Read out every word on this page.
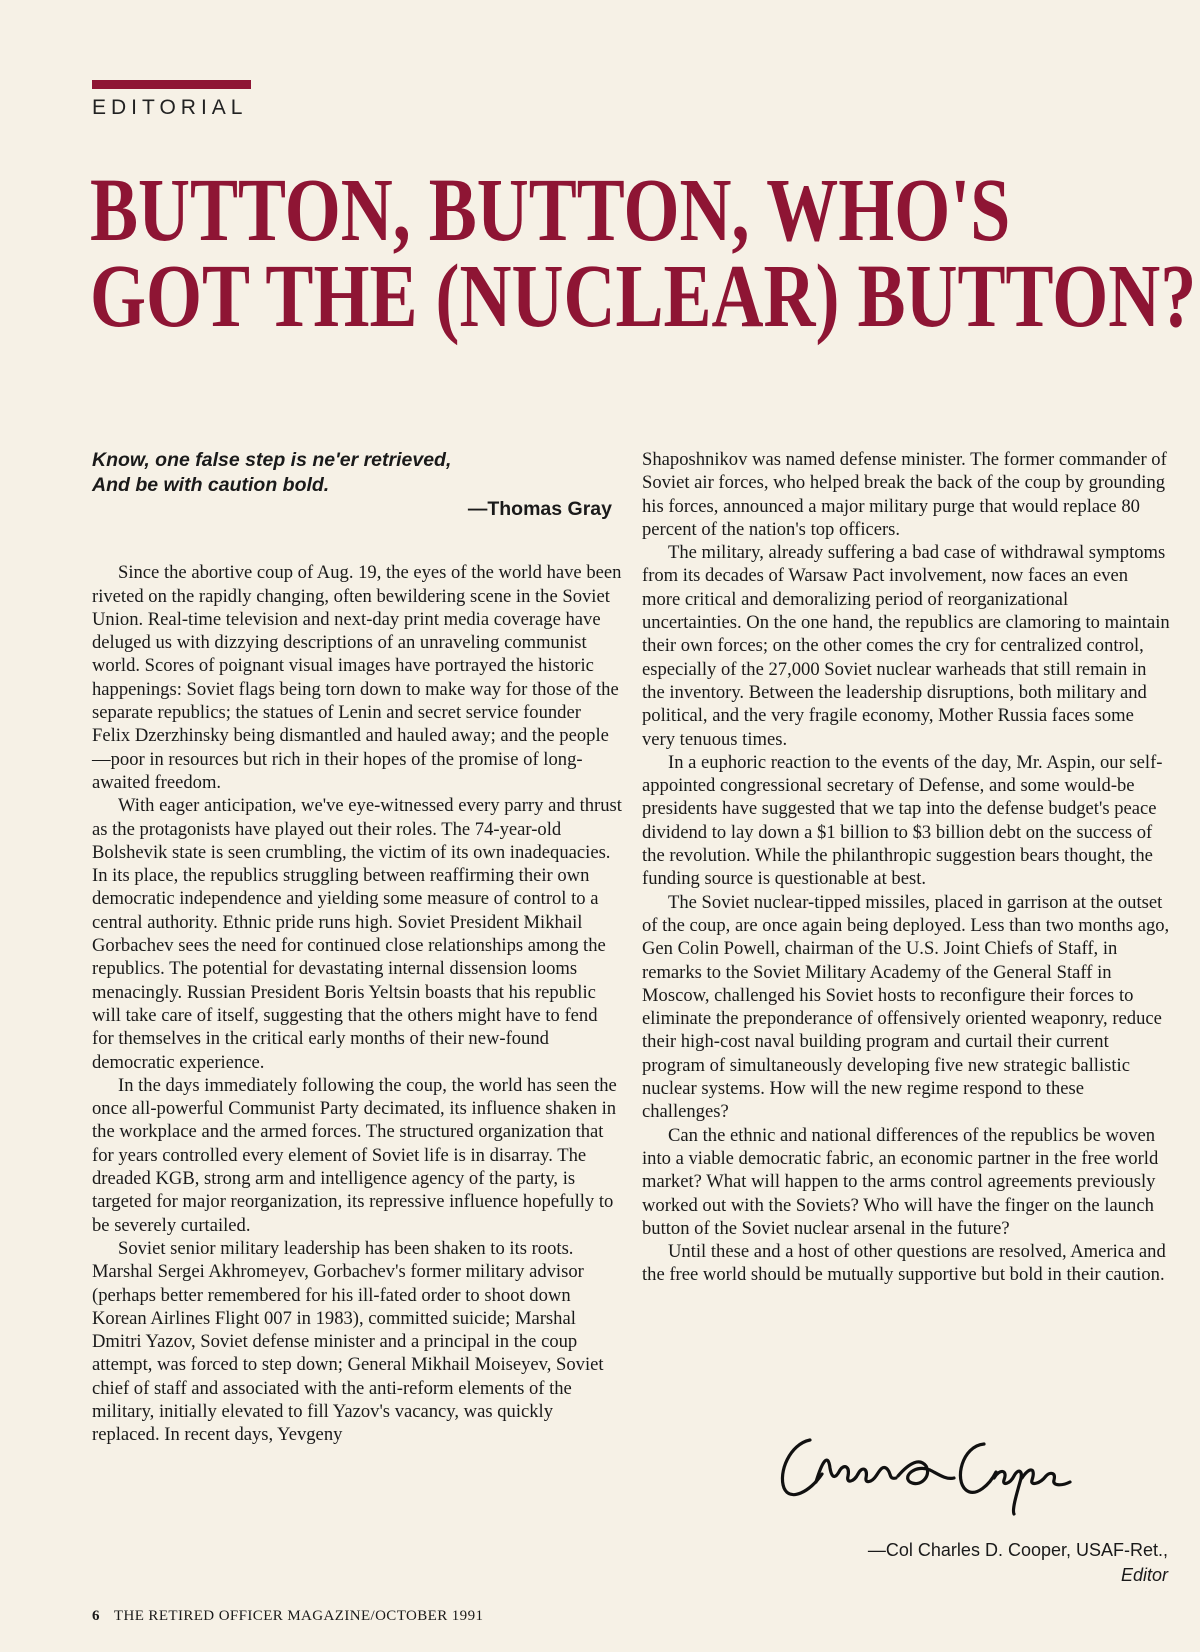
EDITORIAL
BUTTON, BUTTON, WHO'S
GOT THE (NUCLEAR) BUTTON?

Know, one false step is ne'er retrieved,

And be with caution bold.

—Thomas Gray

Since the abortive coup of Aug. 19, the eyes of the world have been riveted on the rapidly changing, often bewildering scene in the Soviet Union. Real-time television and next-day print media coverage have deluged us with dizzying descriptions of an unraveling communist world. Scores of poignant visual images have portrayed the historic happenings: Soviet flags being torn down to make way for those of the separate republics; the statues of Lenin and secret service founder Felix Dzerzhinsky being dismantled and hauled away; and the people—poor in resources but rich in their hopes of the promise of long-awaited freedom.

With eager anticipation, we've eye-witnessed every parry and thrust as the protagonists have played out their roles. The 74-year-old Bolshevik state is seen crumbling, the victim of its own inadequacies. In its place, the republics struggling between reaffirming their own democratic independence and yielding some measure of control to a central authority. Ethnic pride runs high. Soviet President Mikhail Gorbachev sees the need for continued close relationships among the republics. The potential for devastating internal dissension looms menacingly. Russian President Boris Yeltsin boasts that his republic will take care of itself, suggesting that the others might have to fend for themselves in the critical early months of their new-found democratic experience.

In the days immediately following the coup, the world has seen the once all-powerful Communist Party decimated, its influence shaken in the workplace and the armed forces. The structured organization that for years controlled every element of Soviet life is in disarray. The dreaded KGB, strong arm and intelligence agency of the party, is targeted for major reorganization, its repressive influence hopefully to be severely curtailed.

Soviet senior military leadership has been shaken to its roots. Marshal Sergei Akhromeyev, Gorbachev's former military advisor (perhaps better remembered for his ill-fated order to shoot down Korean Airlines Flight 007 in 1983), committed suicide; Marshal Dmitri Yazov, Soviet defense minister and a principal in the coup attempt, was forced to step down; General Mikhail Moiseyev, Soviet chief of staff and associated with the anti-reform elements of the military, initially elevated to fill Yazov's vacancy, was quickly replaced. In recent days, Yevgeny

Shaposhnikov was named defense minister. The former commander of Soviet air forces, who helped break the back of the coup by grounding his forces, announced a major military purge that would replace 80 percent of the nation's top officers.

The military, already suffering a bad case of withdrawal symptoms from its decades of Warsaw Pact involvement, now faces an even more critical and demoralizing period of reorganizational uncertainties. On the one hand, the republics are clamoring to maintain their own forces; on the other comes the cry for centralized control, especially of the 27,000 Soviet nuclear warheads that still remain in the inventory. Between the leadership disruptions, both military and political, and the very fragile economy, Mother Russia faces some very tenuous times.

In a euphoric reaction to the events of the day, Mr. Aspin, our self-appointed congressional secretary of Defense, and some would-be presidents have suggested that we tap into the defense budget's peace dividend to lay down a $1 billion to $3 billion debt on the success of the revolution. While the philanthropic suggestion bears thought, the funding source is questionable at best.

The Soviet nuclear-tipped missiles, placed in garrison at the outset of the coup, are once again being deployed. Less than two months ago, Gen Colin Powell, chairman of the U.S. Joint Chiefs of Staff, in remarks to the Soviet Military Academy of the General Staff in Moscow, challenged his Soviet hosts to reconfigure their forces to eliminate the preponderance of offensively oriented weaponry, reduce their high-cost naval building program and curtail their current program of simultaneously developing five new strategic ballistic nuclear systems. How will the new regime respond to these challenges?

Can the ethnic and national differences of the republics be woven into a viable democratic fabric, an economic partner in the free world market? What will happen to the arms control agreements previously worked out with the Soviets? Who will have the finger on the launch button of the Soviet nuclear arsenal in the future?

Until these and a host of other questions are resolved, America and the free world should be mutually supportive but bold in their caution.

—Col Charles D. Cooper, USAF-Ret.,
Editor
6 THE RETIRED OFFICER MAGAZINE/OCTOBER 1991
